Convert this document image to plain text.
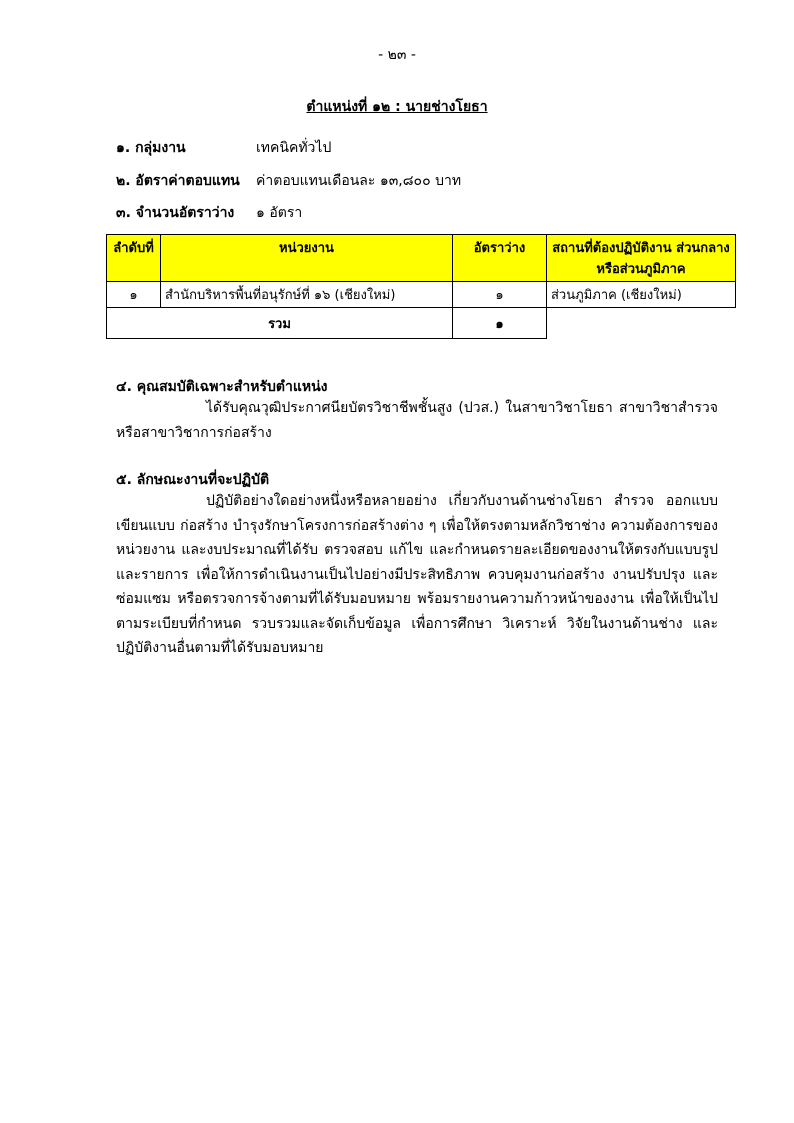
- ๒๓ -
ตำแหน่งที่ ๑๒ : นายช่างโยธา
๑. กลุ่มงาน	เทคนิคทั่วไป
๒. อัตราค่าตอบแทน ค่าตอบแทนเดือนละ ๑๓,๘๐๐ บาท
๓. จำนวนอัตราว่าง ๑ อัตรา
ลำดับที่	หน่วยงาน	อัตราว่าง	สถานที่ต้องปฏิบัติงาน ส่วนกลางหรือส่วนภูมิภาค
๑	สำนักบริหารพื้นที่อนุรักษ์ที่ ๑๖ (เชียงใหม่)	๑	ส่วนภูมิภาค (เชียงใหม่)
รวม		๑	
๔. คุณสมบัติเฉพาะสำหรับตำแหน่ง
ได้รับคุณวุฒิประกาศนียบัตรวิชาชีพชั้นสูง (ปวส.) ในสาขาวิชาโยธา สาขาวิชาสำรวจ หรือสาขาวิชาการก่อสร้าง
๕. ลักษณะงานที่จะปฏิบัติ
ปฏิบัติอย่างใดอย่างหนึ่งหรือหลายอย่าง เกี่ยวกับงานด้านช่างโยธา สำรวจ ออกแบบ เขียนแบบ ก่อสร้าง บำรุงรักษาโครงการก่อสร้างต่าง ๆ เพื่อให้ตรงตามหลักวิชาช่าง ความต้องการของหน่วยงาน และงบประมาณที่ได้รับ ตรวจสอบ แก้ไข และกำหนดรายละเอียดของงานให้ตรงกับแบบรูป และรายการ เพื่อให้การดำเนินงานเป็นไปอย่างมีประสิทธิภาพ ควบคุมงานก่อสร้าง งานปรับปรุง และซ่อมแซม หรือตรวจการจ้างตามที่ได้รับมอบหมาย พร้อมรายงานความก้าวหน้าของงาน เพื่อให้เป็นไปตามระเบียบที่กำหนด รวบรวมและจัดเก็บข้อมูล เพื่อการศึกษา วิเคราะห์ วิจัยในงานด้านช่าง และปฏิบัติงานอื่นตามที่ได้รับมอบหมาย
